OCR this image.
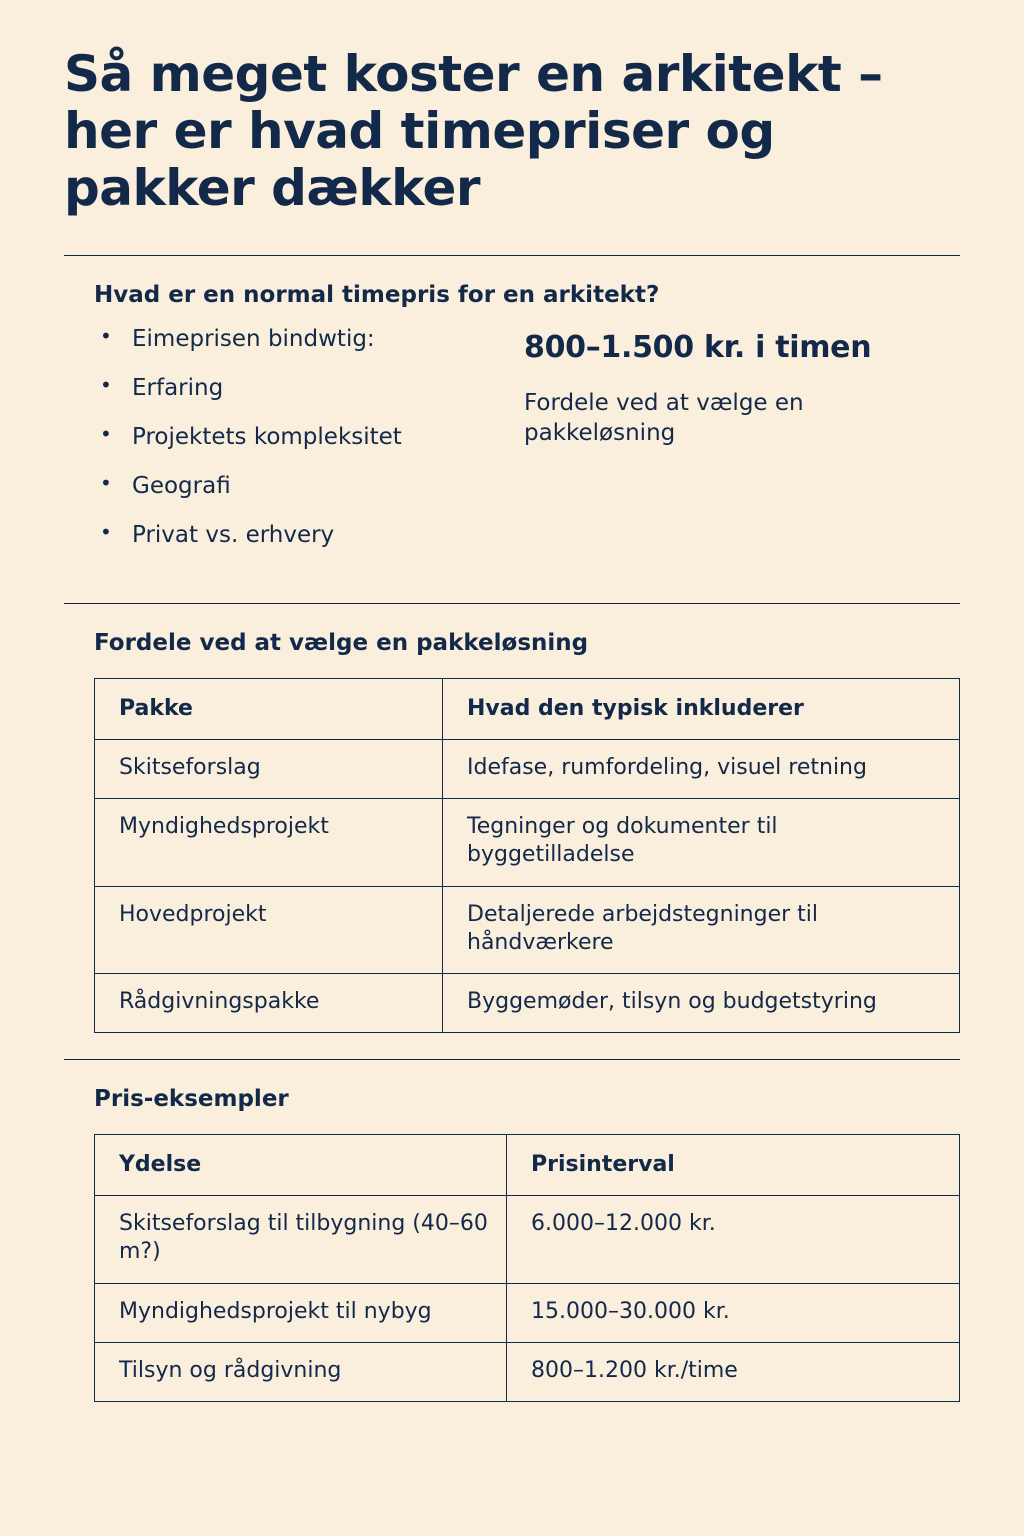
Så meget koster en arkitekt – her er hvad timepriser og pakker dækker
Hvad er en normal timepris for en arkitekt?
• Eimeprisen bindwtig:
• Erfaring
• Projektets kompleksitet
• Geografi
• Privat vs. erhvery
800–1.500 kr. i timen
Fordele ved at vælge en pakkeløsning
Fordele ved at vælge en pakkeløsning
Pakke	Hvad den typisk inkluderer
Skitseforslag	Idefase, rumfordeling, visuel retning
Myndighedsprojekt	Tegninger og dokumenter til byggetilladelse
Hovedprojekt	Detaljerede arbejdstegninger til håndværkere
Rådgivningspakke	Byggemøder, tilsyn og budgetstyring
Pris-eksempler
Ydelse	Prisinterval
Skitseforslag til tilbygning (40–60 m?)	6.000–12.000 kr.
Myndighedsprojekt til nybyg	15.000–30.000 kr.
Tilsyn og rådgivning	800–1.200 kr./time
